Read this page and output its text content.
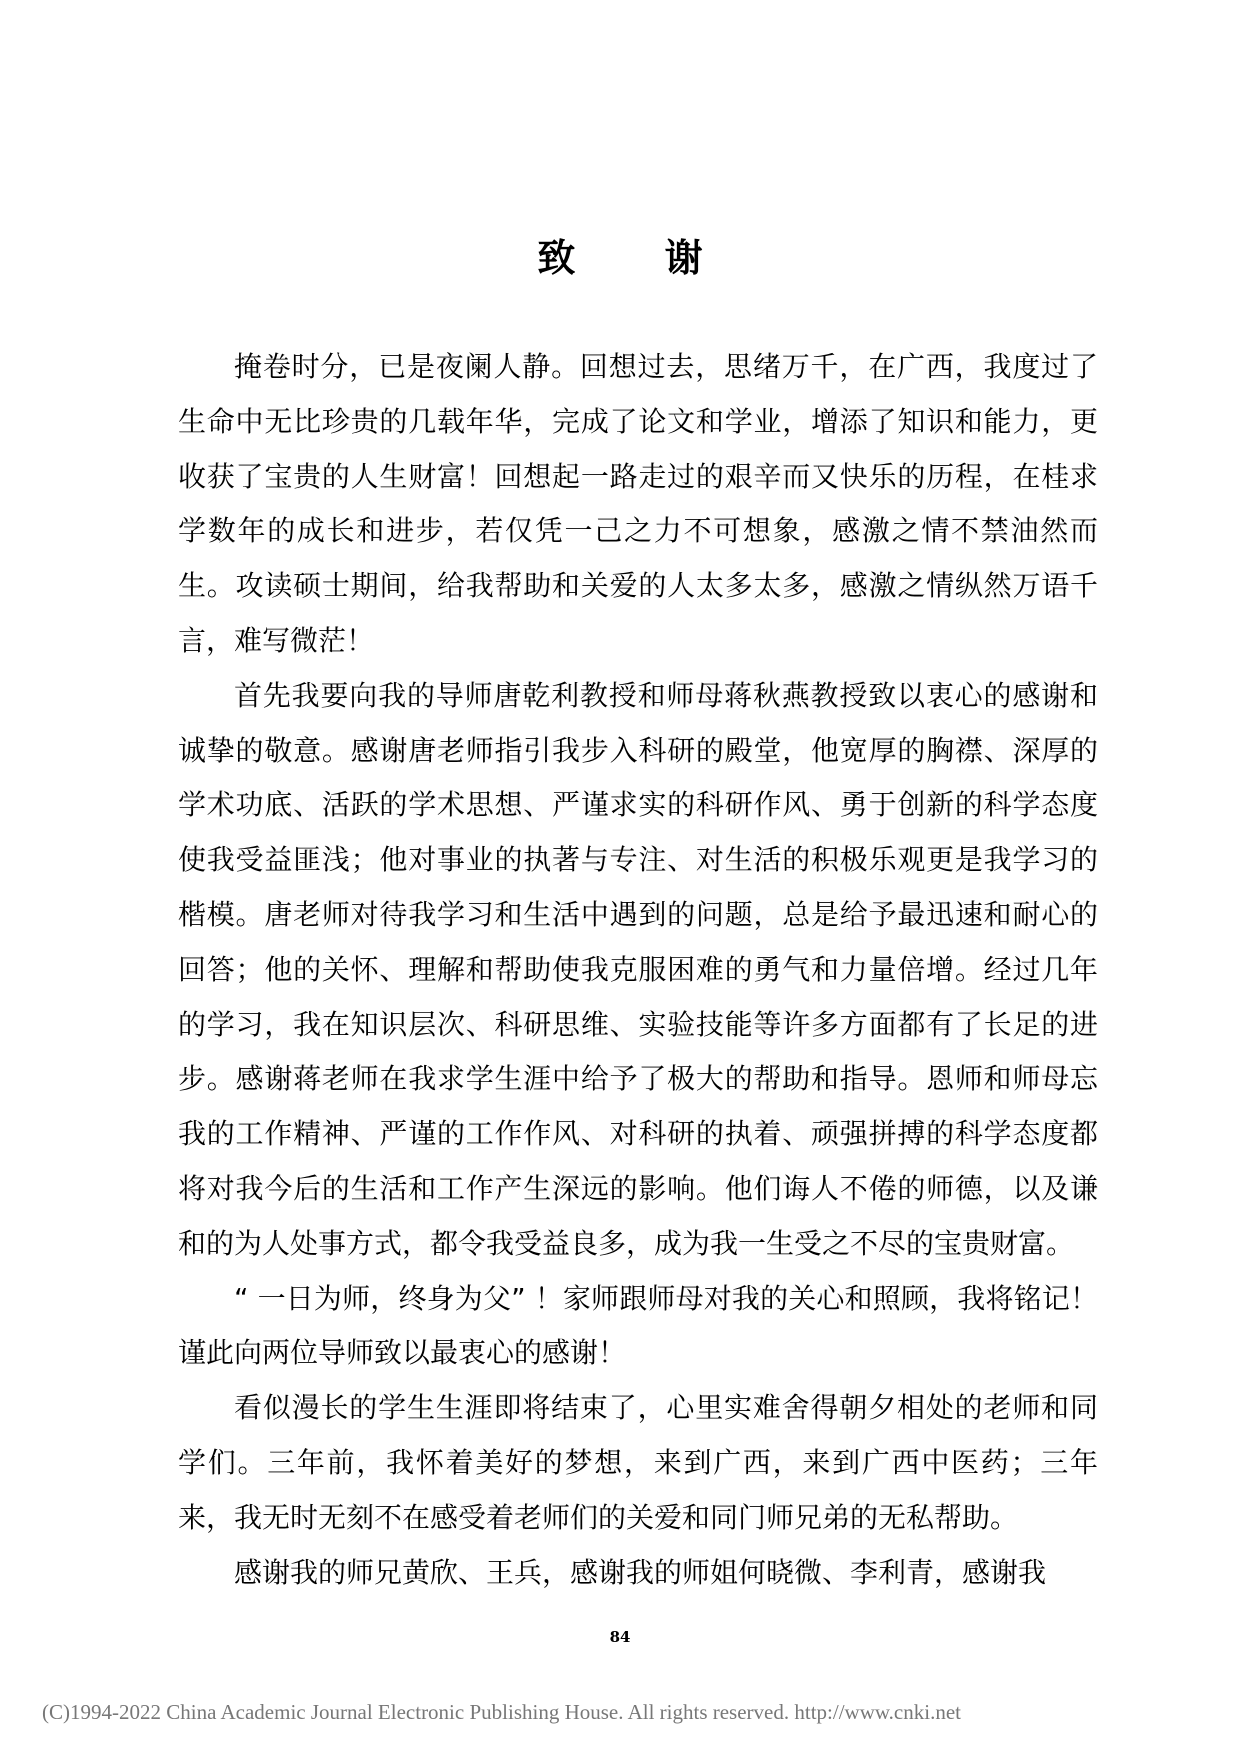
致 谢

掩卷时分，已是夜阑人静。回想过去，思绪万千，在广西，我度过了生命中无比珍贵的几载年华，完成了论文和学业，增添了知识和能力，更收获了宝贵的人生财富！回想起一路走过的艰辛而又快乐的历程，在桂求学数年的成长和进步，若仅凭一己之力不可想象，感激之情不禁油然而生。攻读硕士期间，给我帮助和关爱的人太多太多，感激之情纵然万语千言，难写微茫！

首先我要向我的导师唐乾利教授和师母蒋秋燕教授致以衷心的感谢和诚挚的敬意。感谢唐老师指引我步入科研的殿堂，他宽厚的胸襟、深厚的学术功底、活跃的学术思想、严谨求实的科研作风、勇于创新的科学态度使我受益匪浅；他对事业的执著与专注、对生活的积极乐观更是我学习的楷模。唐老师对待我学习和生活中遇到的问题，总是给予最迅速和耐心的回答；他的关怀、理解和帮助使我克服困难的勇气和力量倍增。经过几年的学习，我在知识层次、科研思维、实验技能等许多方面都有了长足的进步。感谢蒋老师在我求学生涯中给予了极大的帮助和指导。恩师和师母忘我的工作精神、严谨的工作作风、对科研的执着、顽强拼搏的科学态度都将对我今后的生活和工作产生深远的影响。他们诲人不倦的师德，以及谦和的为人处事方式，都令我受益良多，成为我一生受之不尽的宝贵财富。

“ 一日为师，终身为父” ！家师跟师母对我的关心和照顾，我将铭记！谨此向两位导师致以最衷心的感谢！

看似漫长的学生生涯即将结束了，心里实难舍得朝夕相处的老师和同学们。三年前，我怀着美好的梦想，来到广西，来到广西中医药；三年来，我无时无刻不在感受着老师们的关爱和同门师兄弟的无私帮助。

感谢我的师兄黄欣、王兵，感谢我的师姐何晓微、李利青，感谢我

84
(C)1994-2022 China Academic Journal Electronic Publishing House. All rights reserved. http://www.cnki.net
